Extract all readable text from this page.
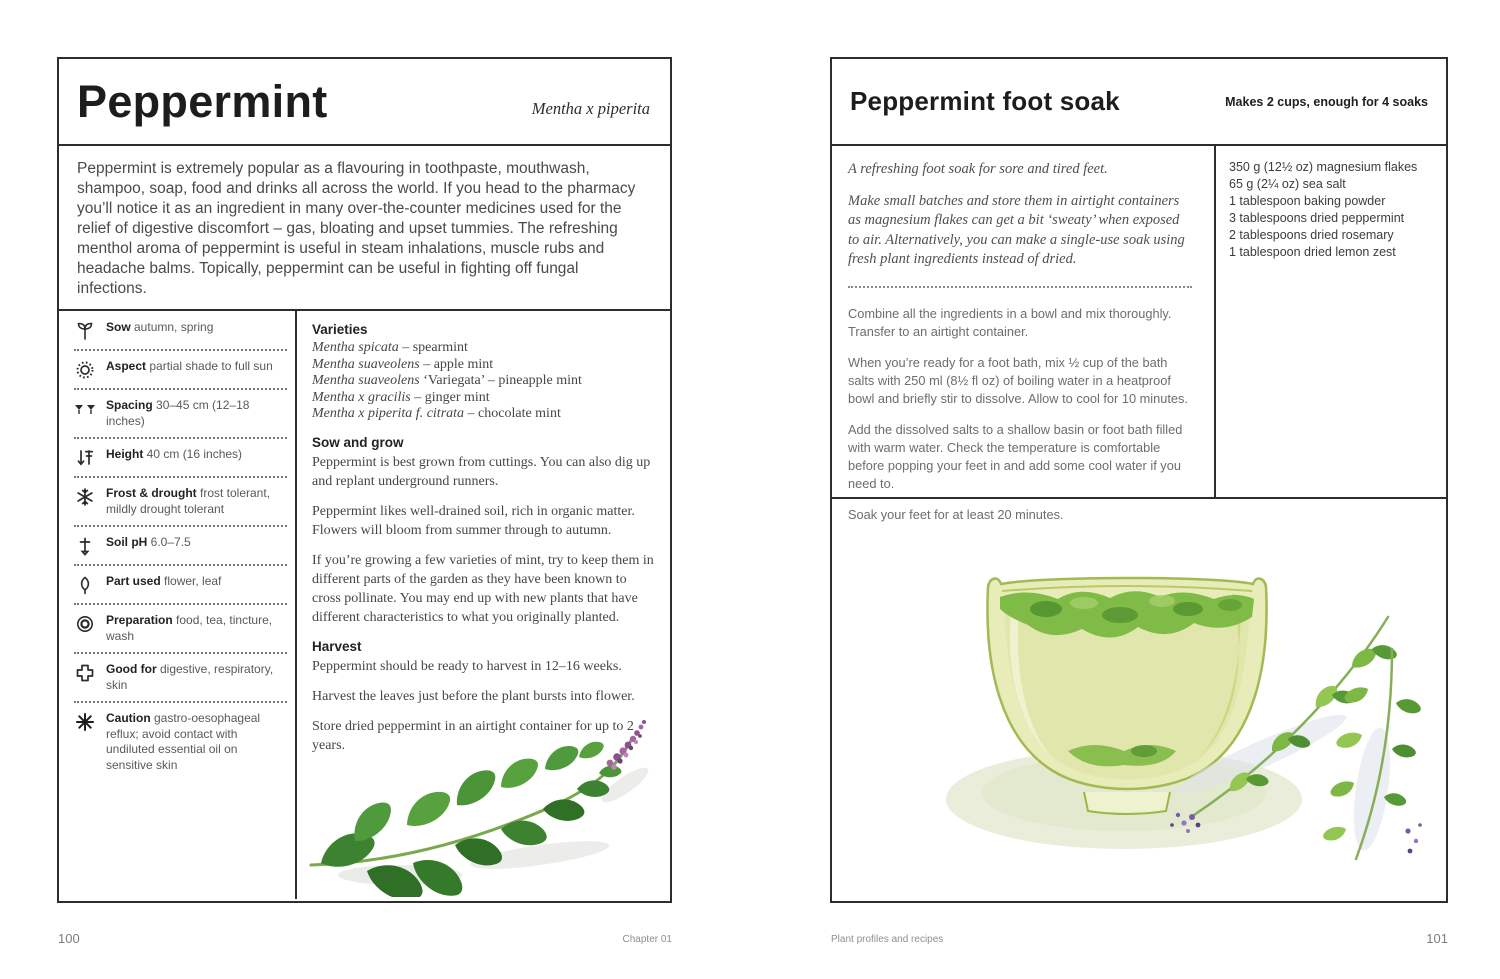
Peppermint	Mentha x piperita
Peppermint is extremely popular as a flavouring in toothpaste, mouthwash, shampoo, soap, food and drinks all across the world. If you head to the pharmacy you’ll notice it as an ingredient in many over-the-counter medicines used for the relief of digestive discomfort – gas, bloating and upset tummies. The refreshing menthol aroma of peppermint is useful in steam inhalations, muscle rubs and headache balms. Topically, peppermint can be useful in fighting off fungal infections.
Sow autumn, spring
Aspect partial shade to full sun
Spacing 30–45 cm (12–18 inches)
Height 40 cm (16 inches)
Frost & drought frost tolerant, mildly drought tolerant
Soil pH 6.0–7.5
Part used flower, leaf
Preparation food, tea, tincture, wash
Good for digestive, respiratory, skin
Caution gastro-oesophageal reflux; avoid contact with undiluted essential oil on sensitive skin
Varieties
Mentha spicata – spearmint
Mentha suaveolens – apple mint
Mentha suaveolens ‘Variegata’ – pineapple mint
Mentha x gracilis – ginger mint
Mentha x piperita f. citrata – chocolate mint
Sow and grow

Peppermint is best grown from cuttings. You can also dig up and replant underground runners.

Peppermint likes well-drained soil, rich in organic matter. Flowers will bloom from summer through to autumn.

If you’re growing a few varieties of mint, try to keep them in different parts of the garden as they have been known to cross pollinate. You may end up with new plants that have different characteristics to what you originally planted.

Harvest

Peppermint should be ready to harvest in 12–16 weeks.

Harvest the leaves just before the plant bursts into flower.

Store dried peppermint in an airtight container for up to 2 years.

Peppermint foot soak	Makes 2 cups, enough for 4 soaks

A refreshing foot soak for sore and tired feet.

Make small batches and store them in airtight containers as magnesium flakes can get a bit ‘sweaty’ when exposed to air. Alternatively, you can make a single-use soak using fresh plant ingredients instead of dried.

Combine all the ingredients in a bowl and mix thoroughly. Transfer to an airtight container.

When you’re ready for a foot bath, mix ½ cup of the bath salts with 250 ml (8½ fl oz) of boiling water in a heatproof bowl and briefly stir to dissolve. Allow to cool for 10 minutes.

Add the dissolved salts to a shallow basin or foot bath filled with warm water. Check the temperature is comfortable before popping your feet in and add some cool water if you need to.

Soak your feet for at least 20 minutes.

350 g (12½ oz) magnesium flakes
65 g (2¼ oz) sea salt
1 tablespoon baking powder
3 tablespoons dried peppermint
2 tablespoons dried rosemary
1 tablespoon dried lemon zest
100	Chapter 01	Plant profiles and recipes	101
